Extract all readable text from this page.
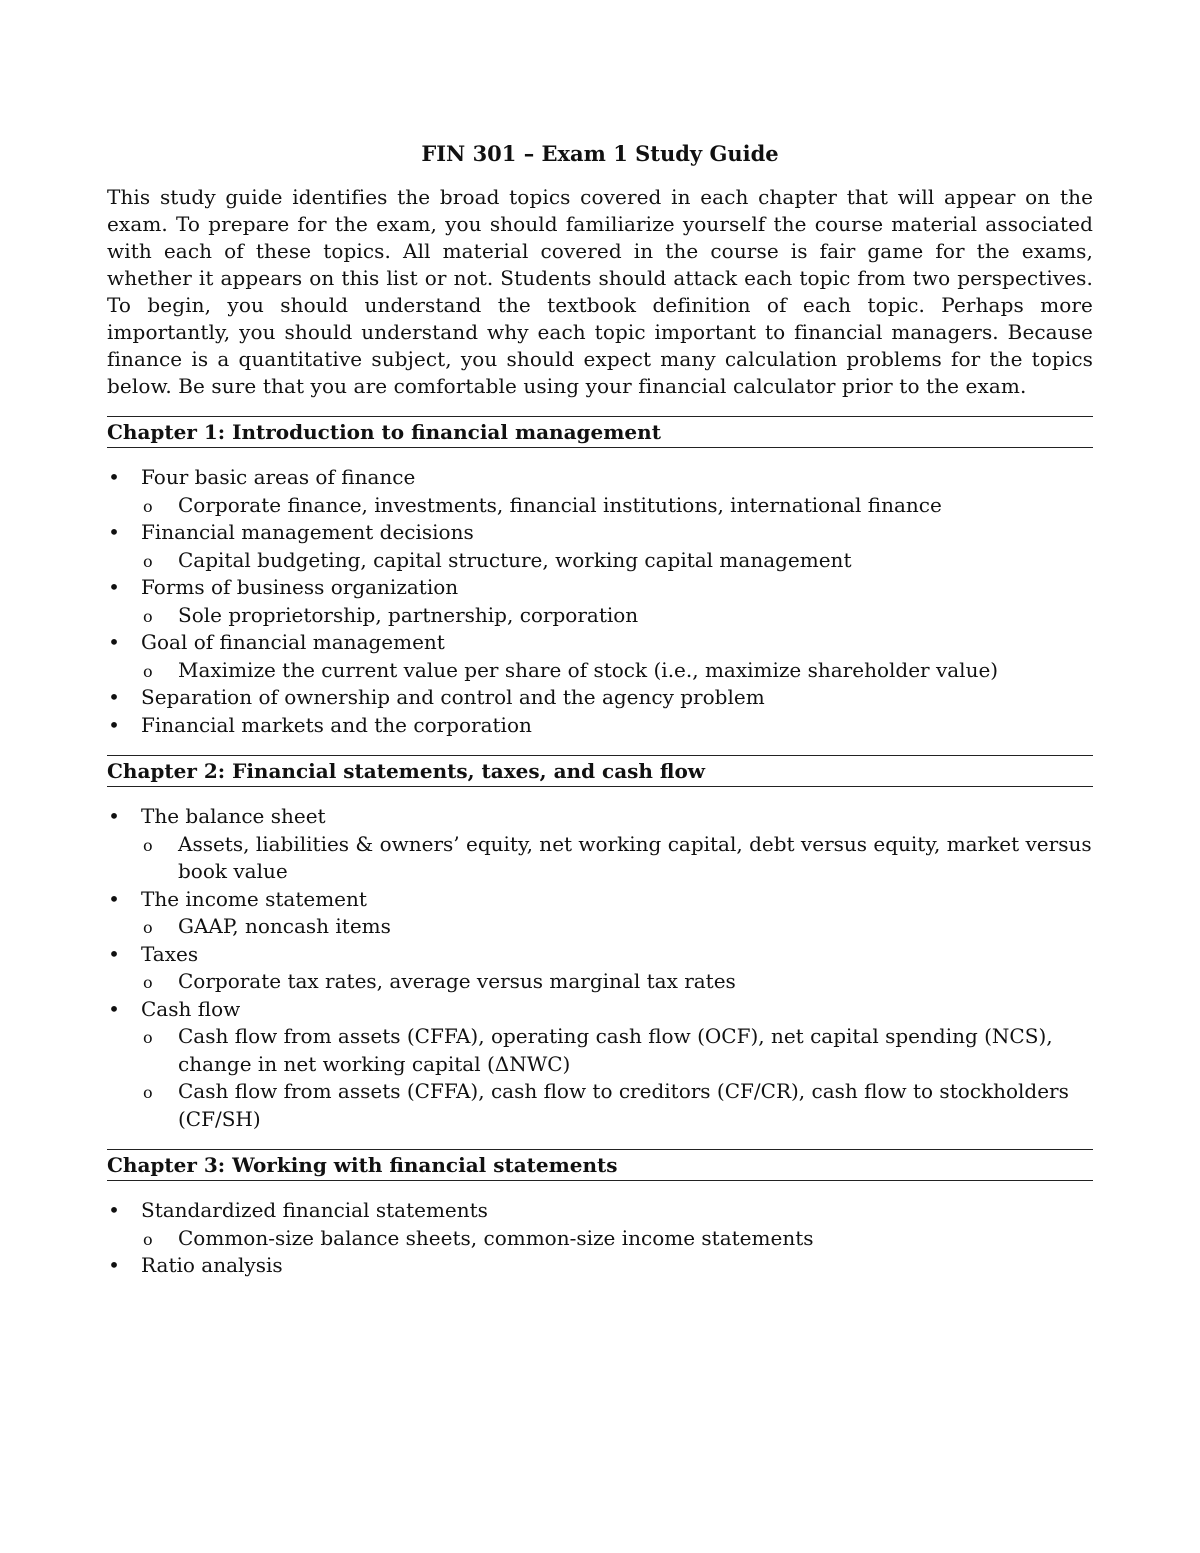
FIN 301 – Exam 1 Study Guide

This study guide identifies the broad topics covered in each chapter that will appear on the exam. To prepare for the exam, you should familiarize yourself the course material associated with each of these topics. All material covered in the course is fair game for the exams, whether it appears on this list or not. Students should attack each topic from two perspectives. To begin, you should understand the textbook definition of each topic. Perhaps more importantly, you should understand why each topic important to financial managers. Because finance is a quantitative subject, you should expect many calculation problems for the topics below. Be sure that you are comfortable using your financial calculator prior to the exam.

Chapter 1: Introduction to financial management
• Four basic areas of finance
o Corporate finance, investments, financial institutions, international finance
• Financial management decisions
o Capital budgeting, capital structure, working capital management
• Forms of business organization
o Sole proprietorship, partnership, corporation
• Goal of financial management
o Maximize the current value per share of stock (i.e., maximize shareholder value)
• Separation of ownership and control and the agency problem
• Financial markets and the corporation
Chapter 2: Financial statements, taxes, and cash flow
• The balance sheet
o Assets, liabilities & owners’ equity, net working capital, debt versus equity, market versus book value
• The income statement
o GAAP, noncash items
• Taxes
o Corporate tax rates, average versus marginal tax rates
• Cash flow
o Cash flow from assets (CFFA), operating cash flow (OCF), net capital spending (NCS), change in net working capital (ΔNWC)
o Cash flow from assets (CFFA), cash flow to creditors (CF/CR), cash flow to stockholders (CF/SH)
Chapter 3: Working with financial statements
• Standardized financial statements
o Common-size balance sheets, common-size income statements
• Ratio analysis
